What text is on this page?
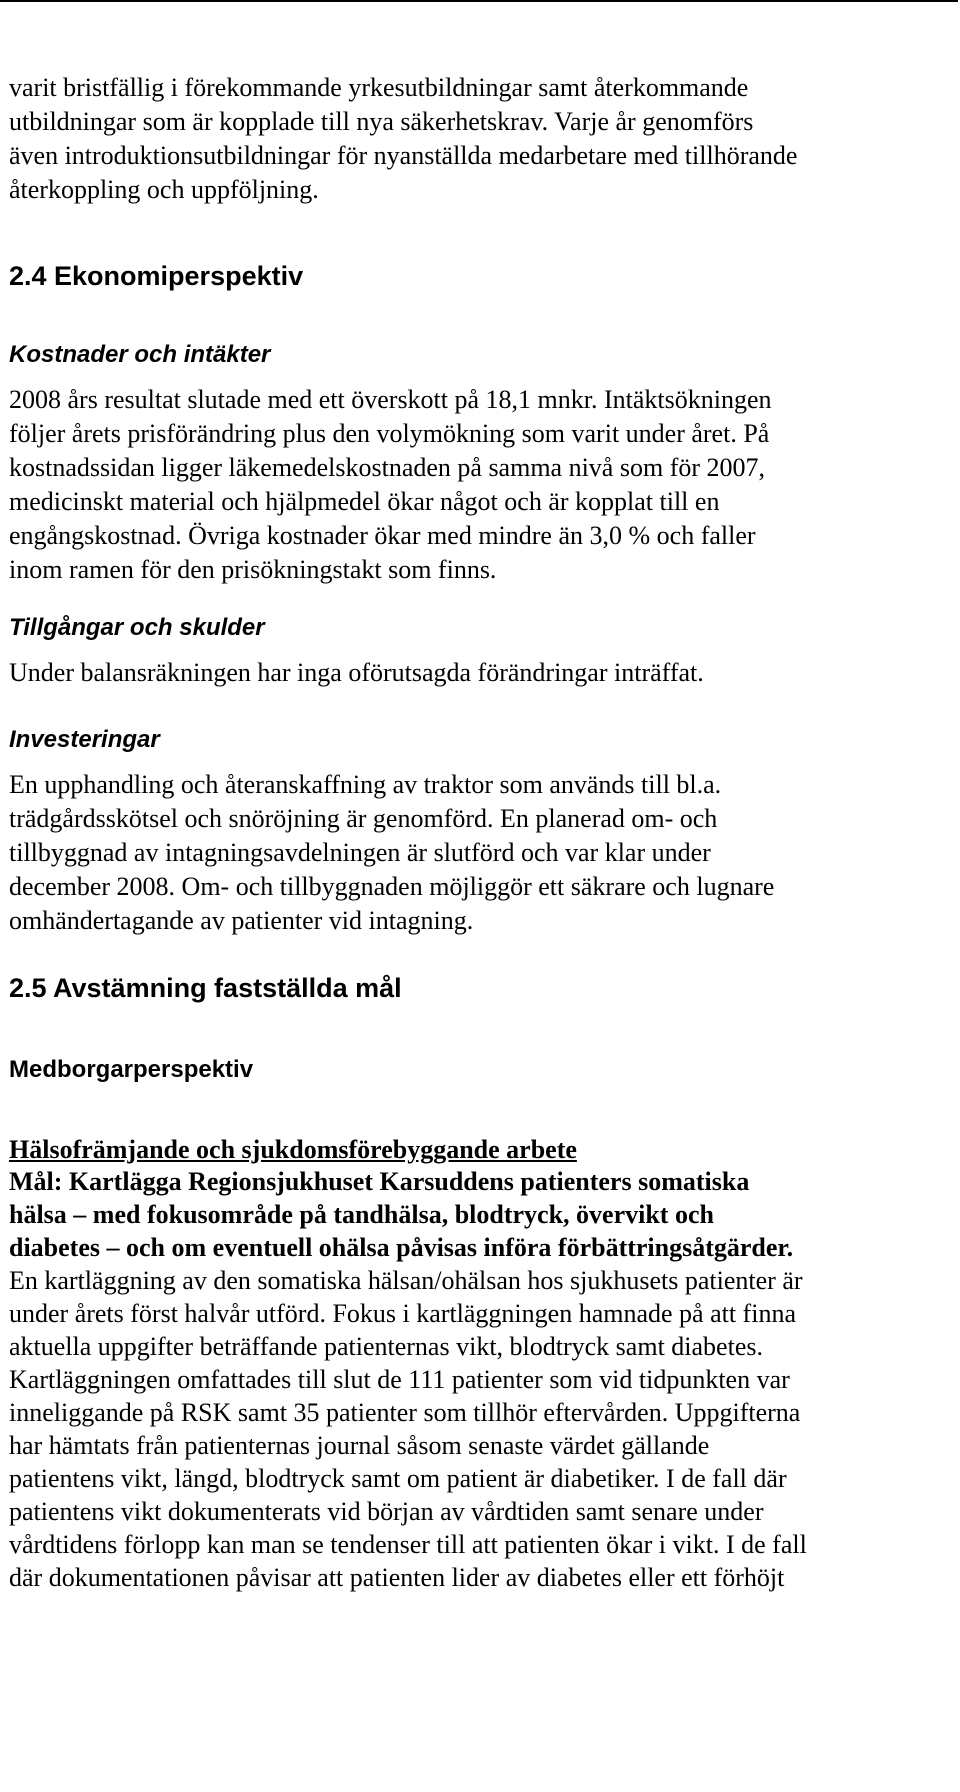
varit bristfällig i förekommande yrkesutbildningar samt återkommande
utbildningar som är kopplade till nya säkerhetskrav. Varje år genomförs
även introduktionsutbildningar för nyanställda medarbetare med tillhörande
återkoppling och uppföljning.
2.4 Ekonomiperspektiv
Kostnader och intäkter
2008 års resultat slutade med ett överskott på 18,1 mnkr. Intäktsökningen
följer årets prisförändring plus den volymökning som varit under året. På
kostnadssidan ligger läkemedelskostnaden på samma nivå som för 2007,
medicinskt material och hjälpmedel ökar något och är kopplat till en
engångskostnad. Övriga kostnader ökar med mindre än 3,0 % och faller
inom ramen för den prisökningstakt som finns.
Tillgångar och skulder
Under balansräkningen har inga oförutsagda förändringar inträffat.
Investeringar
En upphandling och återanskaffning av traktor som används till bl.a.
trädgårdsskötsel och snöröjning är genomförd. En planerad om- och
tillbyggnad av intagningsavdelningen är slutförd och var klar under
december 2008. Om- och tillbyggnaden möjliggör ett säkrare och lugnare
omhändertagande av patienter vid intagning.
2.5 Avstämning fastställda mål
Medborgarperspektiv
Hälsofrämjande och sjukdomsförebyggande arbete
Mål: Kartlägga Regionsjukhuset Karsuddens patienters somatiska
hälsa – med fokusområde på tandhälsa, blodtryck, övervikt och
diabetes – och om eventuell ohälsa påvisas införa förbättringsåtgärder.
En kartläggning av den somatiska hälsan/ohälsan hos sjukhusets patienter är
under årets först halvår utförd. Fokus i kartläggningen hamnade på att finna
aktuella uppgifter beträffande patienternas vikt, blodtryck samt diabetes.
Kartläggningen omfattades till slut de 111 patienter som vid tidpunkten var
inneliggande på RSK samt 35 patienter som tillhör eftervården. Uppgifterna
har hämtats från patienternas journal såsom senaste värdet gällande
patientens vikt, längd, blodtryck samt om patient är diabetiker. I de fall där
patientens vikt dokumenterats vid början av vårdtiden samt senare under
vårdtidens förlopp kan man se tendenser till att patienten ökar i vikt. I de fall
där dokumentationen påvisar att patienten lider av diabetes eller ett förhöjt
